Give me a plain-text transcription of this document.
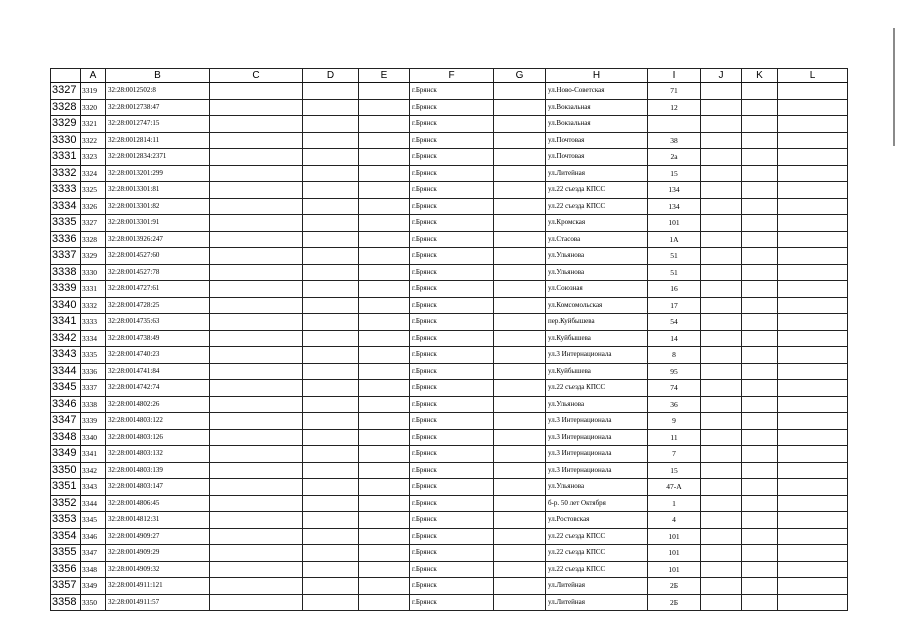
	A	B	C	D	E	F	G	H	I	J	K	L
3327	3319	32:28:0012502:8				г.Брянск		ул.Ново-Советская	71			
3328	3320	32:28:0012738:47				г.Брянск		ул.Вокзальная	12			
3329	3321	32:28:0012747:15				г.Брянск		ул.Вокзальная				
3330	3322	32:28:0012814:11				г.Брянск		ул.Почтовая	38			
3331	3323	32:28:0012834:2371				г.Брянск		ул.Почтовая	2а			
3332	3324	32:28:0013201:299				г.Брянск		ул.Литейная	15			
3333	3325	32:28:0013301:81				г.Брянск		ул.22 съезда КПСС	134			
3334	3326	32:28:0013301:82				г.Брянск		ул.22 съезда КПСС	134			
3335	3327	32:28:0013301:91				г.Брянск		ул.Кромская	101			
3336	3328	32:28:0013926:247				г.Брянск		ул.Стасова	1А			
3337	3329	32:28:0014527:60				г.Брянск		ул.Ульянова	51			
3338	3330	32:28:0014527:78				г.Брянск		ул.Ульянова	51			
3339	3331	32:28:0014727:61				г.Брянск		ул.Союзная	16			
3340	3332	32:28:0014728:25				г.Брянск		ул.Комсомольская	17			
3341	3333	32:28:0014735:63				г.Брянск		пер.Куйбышева	54			
3342	3334	32:28:0014738:49				г.Брянск		ул.Куйбышева	14			
3343	3335	32:28:0014740:23				г.Брянск		ул.3 Интернационала	8			
3344	3336	32:28:0014741:84				г.Брянск		ул.Куйбышева	95			
3345	3337	32:28:0014742:74				г.Брянск		ул.22 съезда КПСС	74			
3346	3338	32:28:0014802:26				г.Брянск		ул.Ульянова	36			
3347	3339	32:28:0014803:122				г.Брянск		ул.3 Интернационала	9			
3348	3340	32:28:0014803:126				г.Брянск		ул.3 Интернационала	11			
3349	3341	32:28:0014803:132				г.Брянск		ул.3 Интернационала	7			
3350	3342	32:28:0014803:139				г.Брянск		ул.3 Интернационала	15			
3351	3343	32:28:0014803:147				г.Брянск		ул.Ульянова	47-А			
3352	3344	32:28:0014806:45				г.Брянск		б-р. 50 лет Октября	1			
3353	3345	32:28:0014812:31				г.Брянск		ул.Ростовская	4			
3354	3346	32:28:0014909:27				г.Брянск		ул.22 съезда КПСС	101			
3355	3347	32:28:0014909:29				г.Брянск		ул.22 съезда КПСС	101			
3356	3348	32:28:0014909:32				г.Брянск		ул.22 съезда КПСС	101			
3357	3349	32:28:0014911:121				г.Брянск		ул.Литейная	2Б			
3358	3350	32:28:0014911:57				г.Брянск		ул.Литейная	2Б			
